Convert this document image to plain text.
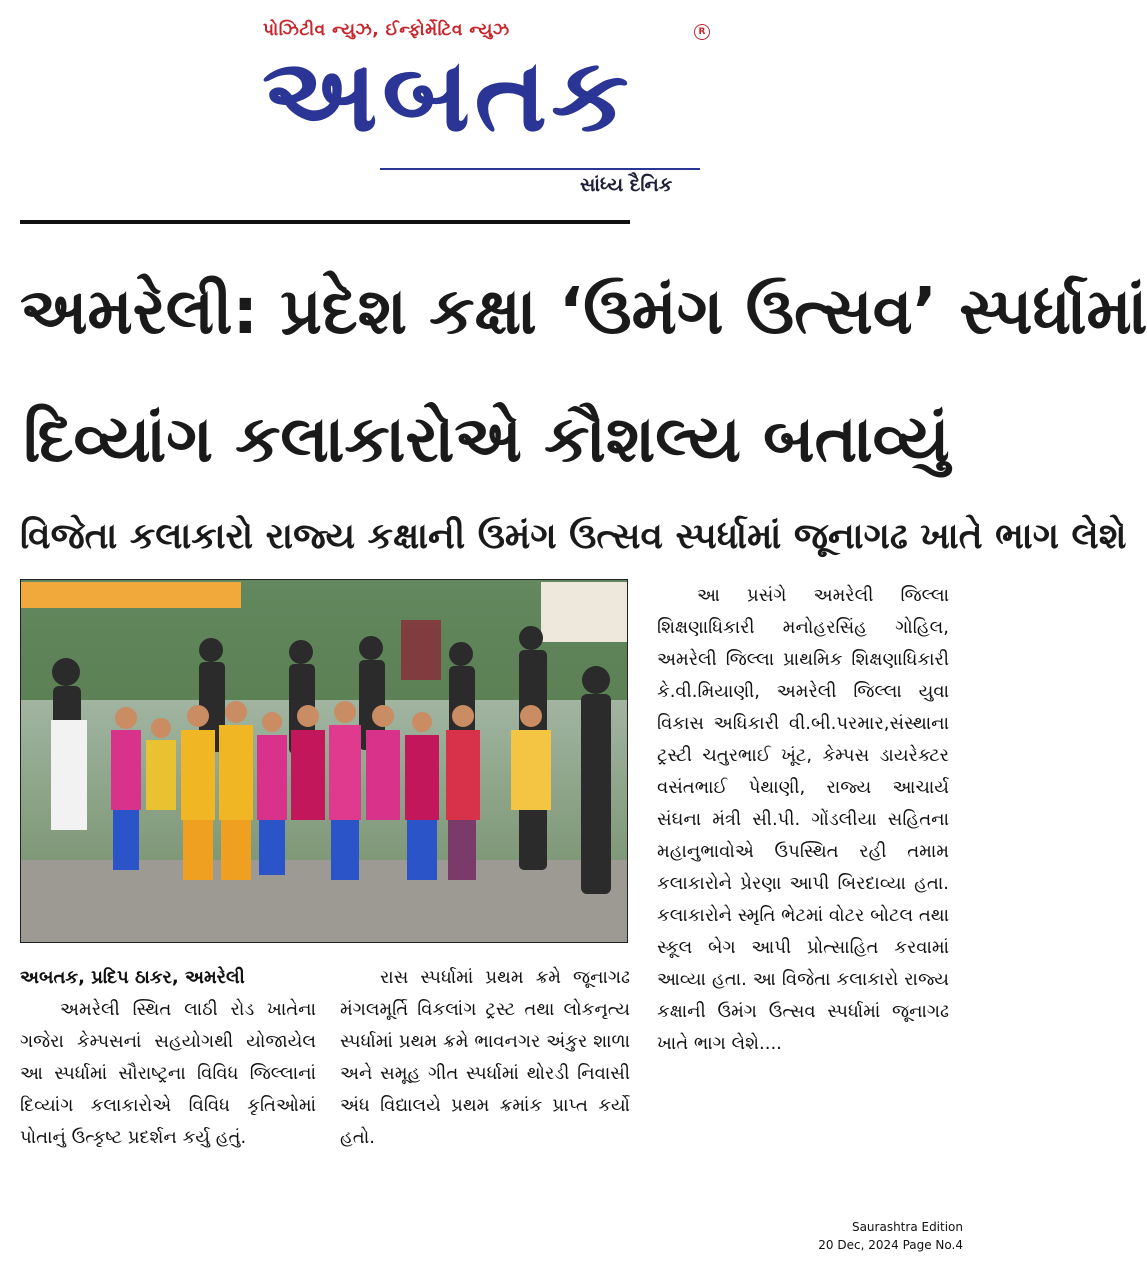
પોઝિટીવ ન્યુઝ, ઈન્ફોર્મેટિવ ન્યુઝ
અબતક
R
સાંધ્ય દૈનિક
અમરેલી: પ્રદેશ કક્ષા ‘ઉમંગ ઉત્સવ’ સ્પર્ધામાં
દિવ્યાંગ કલાકારોએ કૌશલ્ય બતાવ્યું
વિજેતા કલાકારો રાજ્ય કક્ષાની ઉમંગ ઉત્સવ સ્પર્ધામાં જૂનાગઢ ખાતે ભાગ લેશે
આ પ્રસંગે અમરેલી જિલ્લા શિક્ષણાધિકારી મનોહરસિંહ ગોહિલ, અમરેલી જિલ્લા પ્રાથમિક શિક્ષણાધિકારી કે.વી.મિયાણી, અમરેલી જિલ્લા યુવા વિકાસ અધિકારી વી.બી.પરમાર,સંસ્થાના ટ્રસ્ટી ચતુરભાઈ ખૂંટ, કેમ્પસ ડાયરેક્ટર વસંતભાઈ પેથાણી, રાજ્ય આચાર્ય સંઘના મંત્રી સી.પી. ગોંડલીયા સહિતના મહાનુભાવોએ ઉપસ્થિત રહી તમામ કલાકારોને પ્રેરણા આપી બિરદાવ્યા હતા. કલાકારોને સ્મૃતિ ભેટમાં વોટર બોટલ તથા સ્કૂલ બેગ આપી પ્રોત્સાહિત કરવામાં આવ્યા હતા. આ વિજેતા કલાકારો રાજ્ય કક્ષાની ઉમંગ ઉત્સવ સ્પર્ધામાં જૂનાગઢ ખાતે ભાગ લેશે....
અબતક, પ્રદિપ ઠાકર, અમરેલી
અમરેલી સ્થિત લાઠી રોડ ખાતેના ગજેરા કેમ્પસનાં સહયોગથી યોજાયેલ આ સ્પર્ધામાં સૌરાષ્ટ્રના વિવિધ જિલ્લાનાં દિવ્યાંગ કલાકારોએ વિવિધ કૃતિઓમાં પોતાનું ઉત્કૃષ્ટ પ્રદર્શન કર્યુ હતું.
રાસ સ્પર્ધામાં પ્રથમ ક્રમે જૂનાગઢ મંગલમૂર્તિ વિકલાંગ ટ્રસ્ટ તથા લોકનૃત્ય સ્પર્ધામાં પ્રથમ ક્રમે ભાવનગર અંકુર શાળા અને સમૂહ ગીત સ્પર્ધામાં થોરડી નિવાસી અંધ વિદ્યાલયે પ્રથમ ક્રમાંક પ્રાપ્ત કર્યો હતો.
Saurashtra Edition
20 Dec, 2024 Page No.4
